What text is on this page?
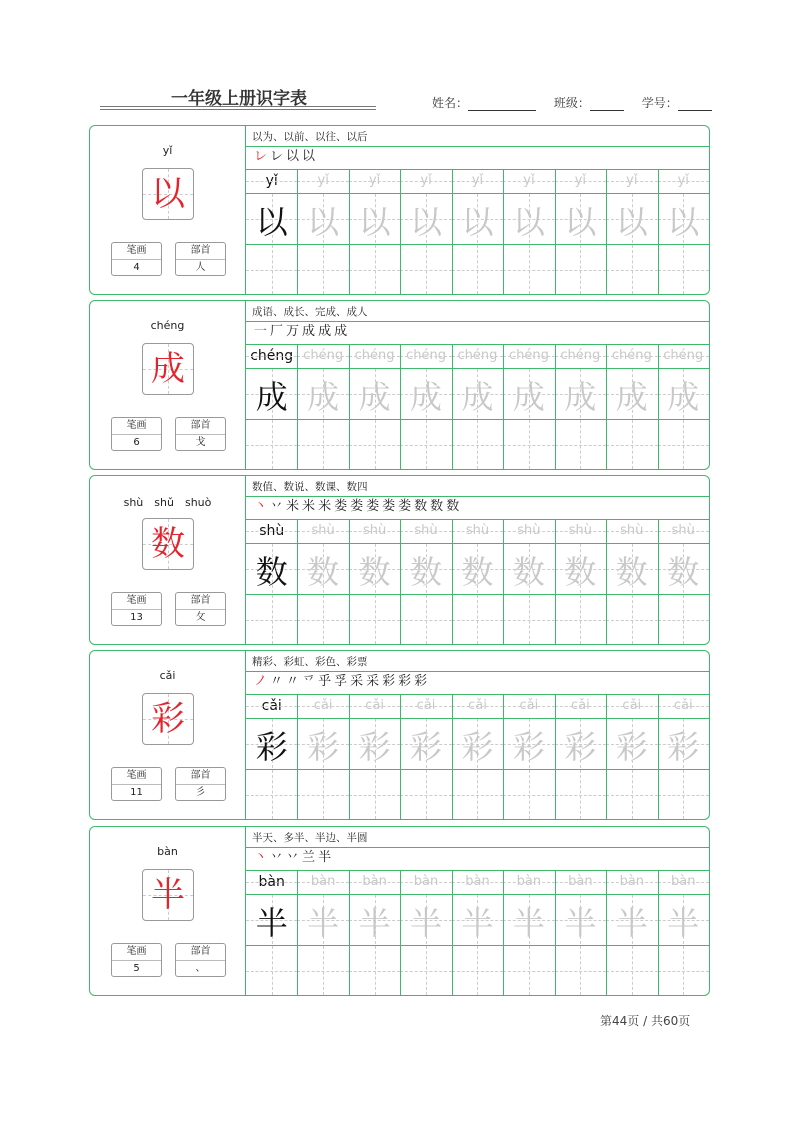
一年级上册识字表	姓名：	班级：	学号：
yǐ
以
笔画
4
部首
人
以为、以前、以往、以后
レ レ 以 以
yǐ	yǐ	yǐ	yǐ	yǐ	yǐ	yǐ	yǐ	yǐ
以 以 以 以 以 以 以 以 以
chéng
成
笔画
6
部首
戈
成语、成长、完成、成人
一 厂 万 成 成 成
chéng chéng chéng chéng chéng chéng chéng chéng chéng
成 成 成 成 成 成 成 成 成
shù　shǔ　shuò
数
笔画
13
部首
攵
数值、数说、数课、数四
丶 丷 米 米 米 娄 娄 娄 娄 娄 数 数 数
shù	shù	shù	shù	shù	shù	shù	shù	shù
数 数 数 数 数 数 数 数 数
cǎi
彩
笔画
11
部首
彡
精彩、彩虹、彩色、彩票
ノ 〃 〃 乊 乎 孚 采 采 彩 彩 彩
cǎi	cǎi	cǎi	cǎi	cǎi	cǎi	cǎi	cǎi	cǎi
彩 彩 彩 彩 彩 彩 彩 彩 彩
bàn
半
笔画
5
部首
、
半天、多半、半边、半圆
丶 丷 丷 兰 半
bàn	bàn	bàn	bàn	bàn	bàn	bàn	bàn	bàn
半 半 半 半 半 半 半 半 半
第44页 / 共60页
